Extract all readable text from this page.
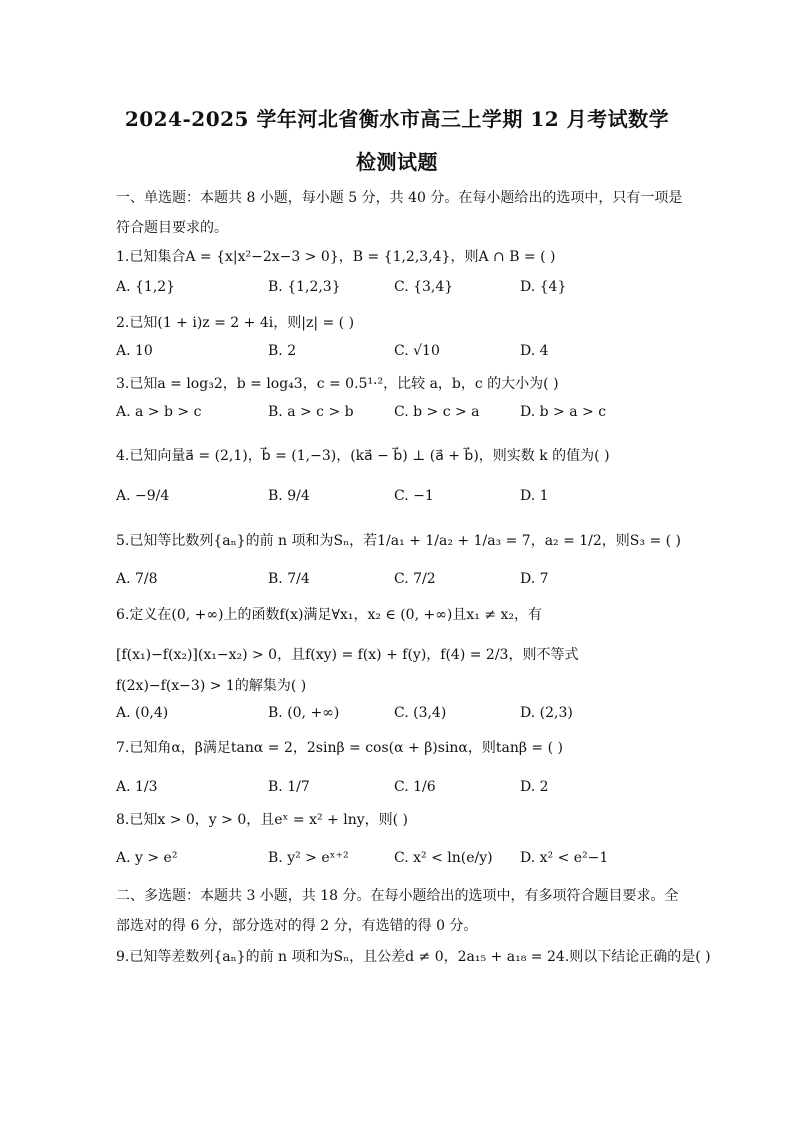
2024-2025 学年河北省衡水市高三上学期 12 月考试数学
检测试题
一、单选题：本题共 8 小题，每小题 5 分，共 40 分。在每小题给出的选项中，只有一项是
符合题目要求的。
1.已知集合A = {x|x²−2x−3 > 0}，B = {1,2,3,4}，则A ∩ B = ( )
A. {1,2}	B. {1,2,3}	C. {3,4}	D. {4}
2.已知(1 + i)z = 2 + 4i，则|z| = ( )
A. 10	B. 2	C. √10	D. 4
3.已知a = log₃2，b = log₄3，c = 0.5¹·²，比较 a，b，c 的大小为( )
A. a > b > c	B. a > c > b	C. b > c > a	D. b > a > c
4.已知向量a⃗ = (2,1)，b⃗ = (1,−3)，(ka⃗ − b⃗) ⊥ (a⃗ + b⃗)，则实数 k 的值为( )
A. −9/4	B. 9/4	C. −1	D. 1
5.已知等比数列{aₙ}的前 n 项和为Sₙ，若1/a₁ + 1/a₂ + 1/a₃ = 7，a₂ = 1/2，则S₃ = ( )
A. 7/8	B. 7/4	C. 7/2	D. 7
6.定义在(0, +∞)上的函数f(x)满足∀x₁，x₂ ∈ (0, +∞)且x₁ ≠ x₂，有
[f(x₁)−f(x₂)](x₁−x₂) > 0，且f(xy) = f(x) + f(y)，f(4) = 2/3，则不等式
f(2x)−f(x−3) > 1的解集为( )
A. (0,4)	B. (0, +∞)	C. (3,4)	D. (2,3)
7.已知角α，β满足tanα = 2，2sinβ = cos(α + β)sinα，则tanβ = ( )
A. 1/3	B. 1/7	C. 1/6	D. 2
8.已知x > 0，y > 0，且eˣ = x² + lny，则( )
A. y > e²	B. y² > eˣ⁺²	C. x² < ln(e/y) D. x² < e²−1
二、多选题：本题共 3 小题，共 18 分。在每小题给出的选项中，有多项符合题目要求。全
部选对的得 6 分，部分选对的得 2 分，有选错的得 0 分。
9.已知等差数列{aₙ}的前 n 项和为Sₙ，且公差d ≠ 0，2a₁₅ + a₁₈ = 24.则以下结论正确的是( )
